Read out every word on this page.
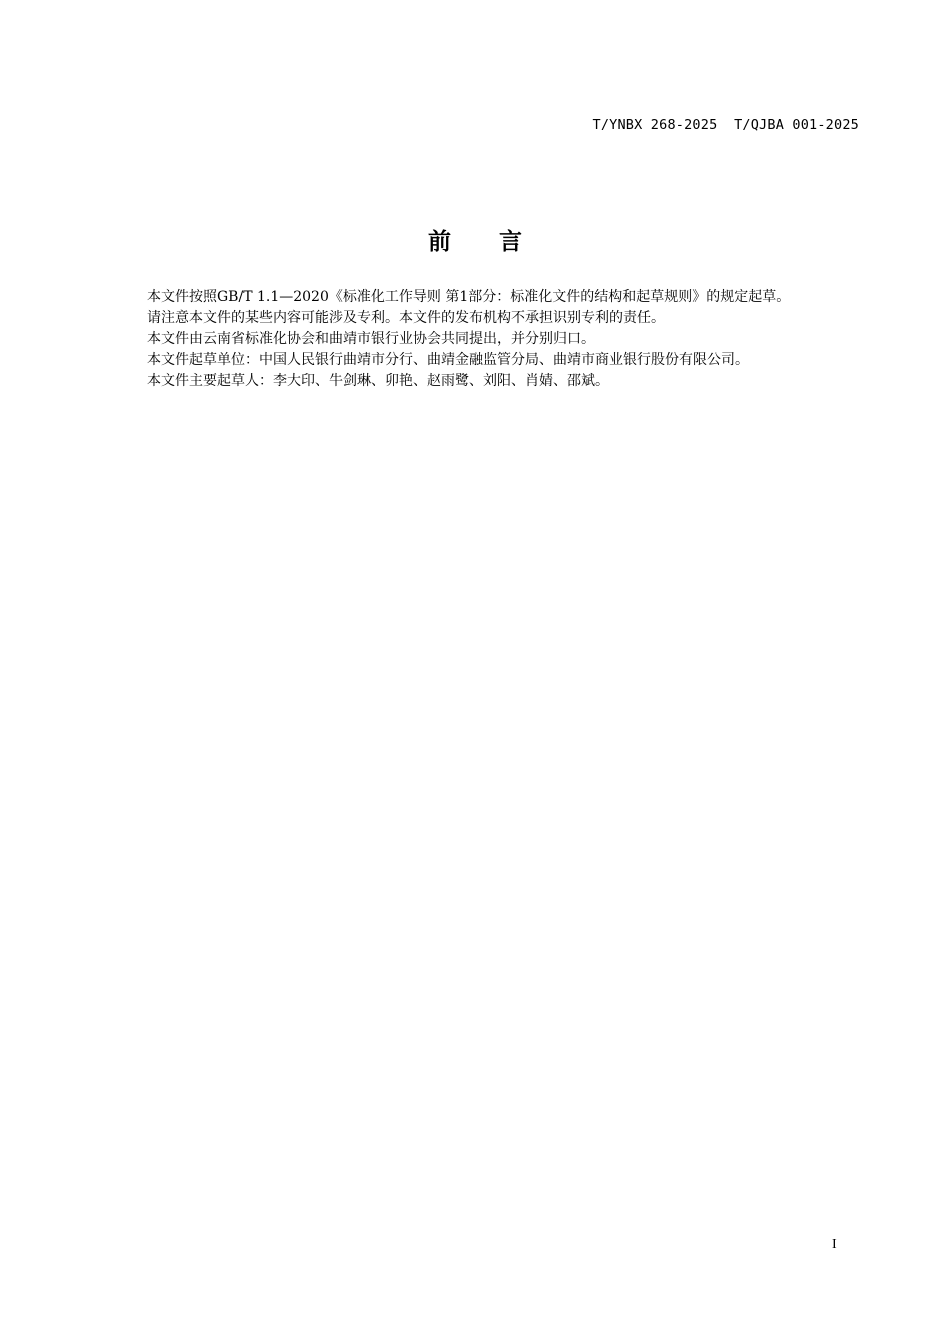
T/YNBX 268-2025  T/QJBA 001-2025
前      言

本文件按照GB/T 1.1—2020《标准化工作导则 第1部分：标准化文件的结构和起草规则》的规定起草。

请注意本文件的某些内容可能涉及专利。本文件的发布机构不承担识别专利的责任。

本文件由云南省标准化协会和曲靖市银行业协会共同提出，并分别归口。

本文件起草单位：中国人民银行曲靖市分行、曲靖金融监管分局、曲靖市商业银行股份有限公司。

本文件主要起草人：李大印、牛剑琳、卯艳、赵雨鹭、刘阳、肖婧、邵斌。

I
